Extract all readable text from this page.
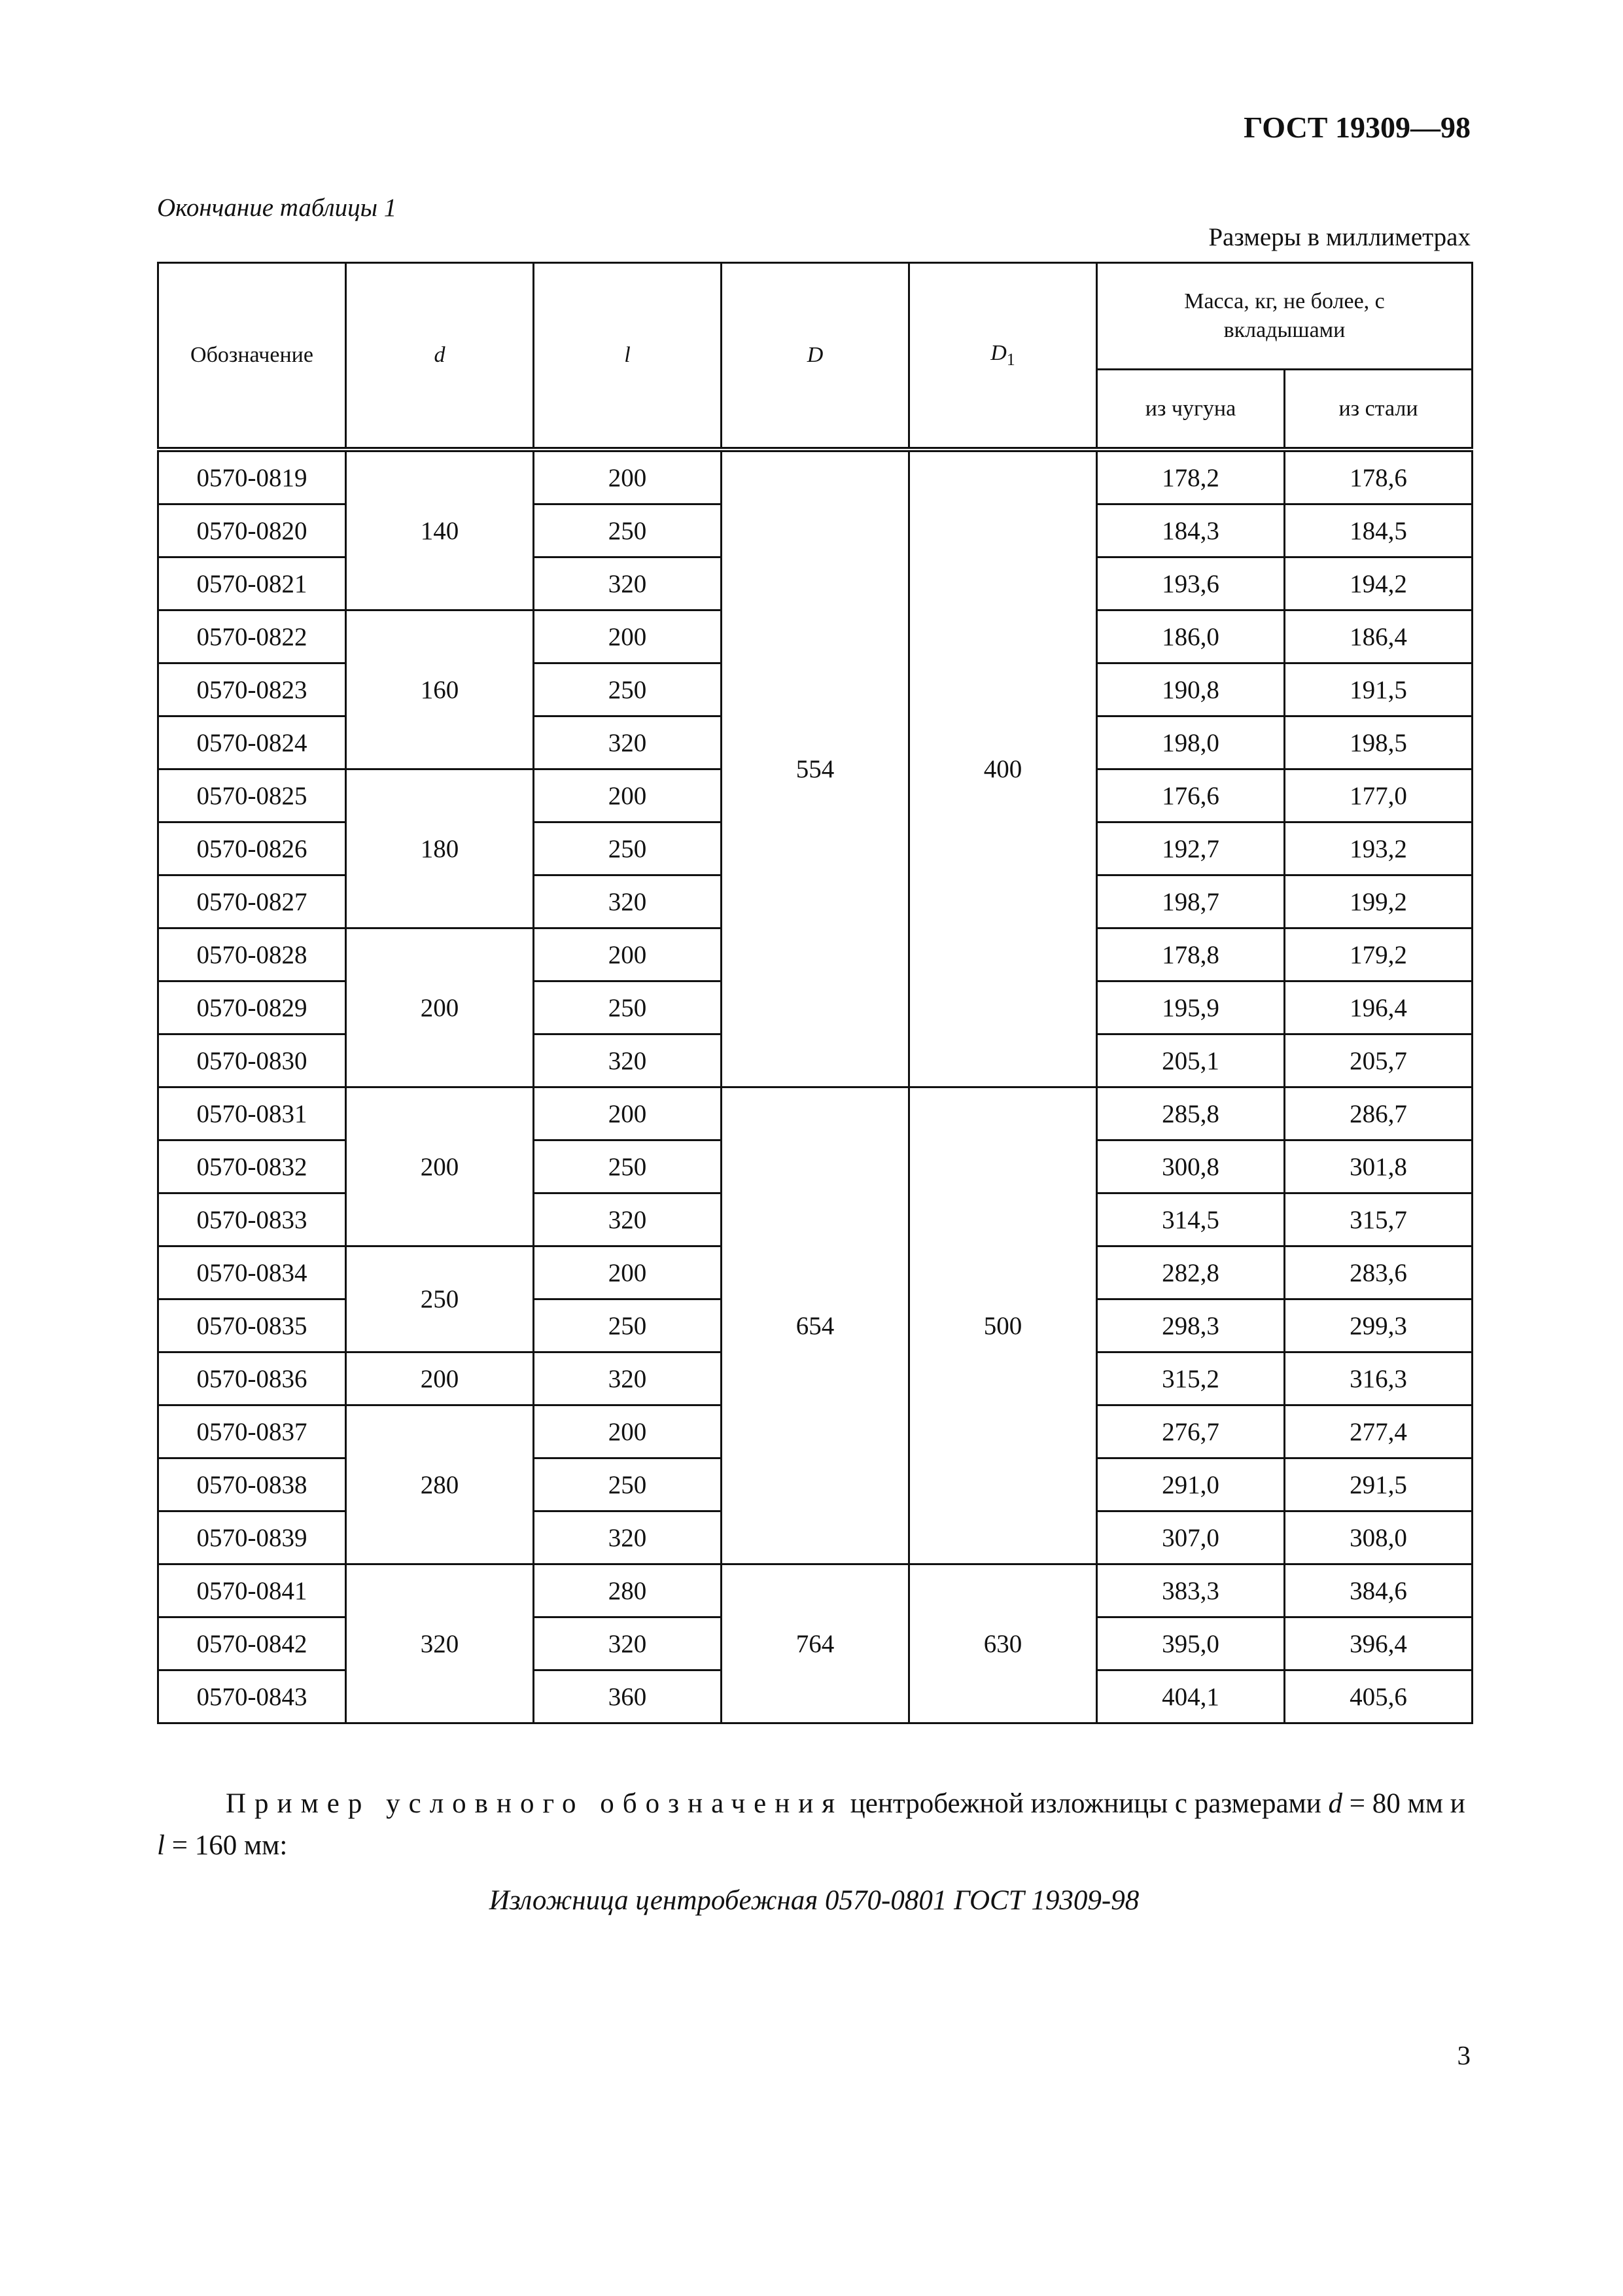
ГОСТ 19309—98
Окончание таблицы 1
Размеры в миллиметрах
Обозначение	d	l	D	$D_1$	Масса, кг, не более, с вкладышами	

					из чугуна	из стали
0570-0819	140	200	554	400	178,2	178,6
0570-0820		250			184,3	184,5
0570-0821		320			193,6	194,2
0570-0822	160	200			186,0	186,4
0570-0823		250			190,8	191,5
0570-0824		320			198,0	198,5
0570-0825	180	200			176,6	177,0
0570-0826		250			192,7	193,2
0570-0827		320			198,7	199,2
0570-0828	200	200			178,8	179,2
0570-0829		250			195,9	196,4
0570-0830		320			205,1	205,7
0570-0831	200	200	654	500	285,8	286,7
0570-0832		250			300,8	301,8
0570-0833		320			314,5	315,7
0570-0834	250	200			282,8	283,6
0570-0835		250			298,3	299,3
0570-0836	200	320			315,2	316,3
0570-0837	280	200			276,7	277,4
0570-0838		250			291,0	291,5
0570-0839		320			307,0	308,0
0570-0841	320	280	764	630	383,3	384,6
0570-0842		320			395,0	396,4
0570-0843		360			404,1	405,6
Пример условного обозначения центробежной изложницы с размерами d = 80 мм и l = 160 мм:
Изложница центробежная 0570-0801 ГОСТ 19309-98
3
